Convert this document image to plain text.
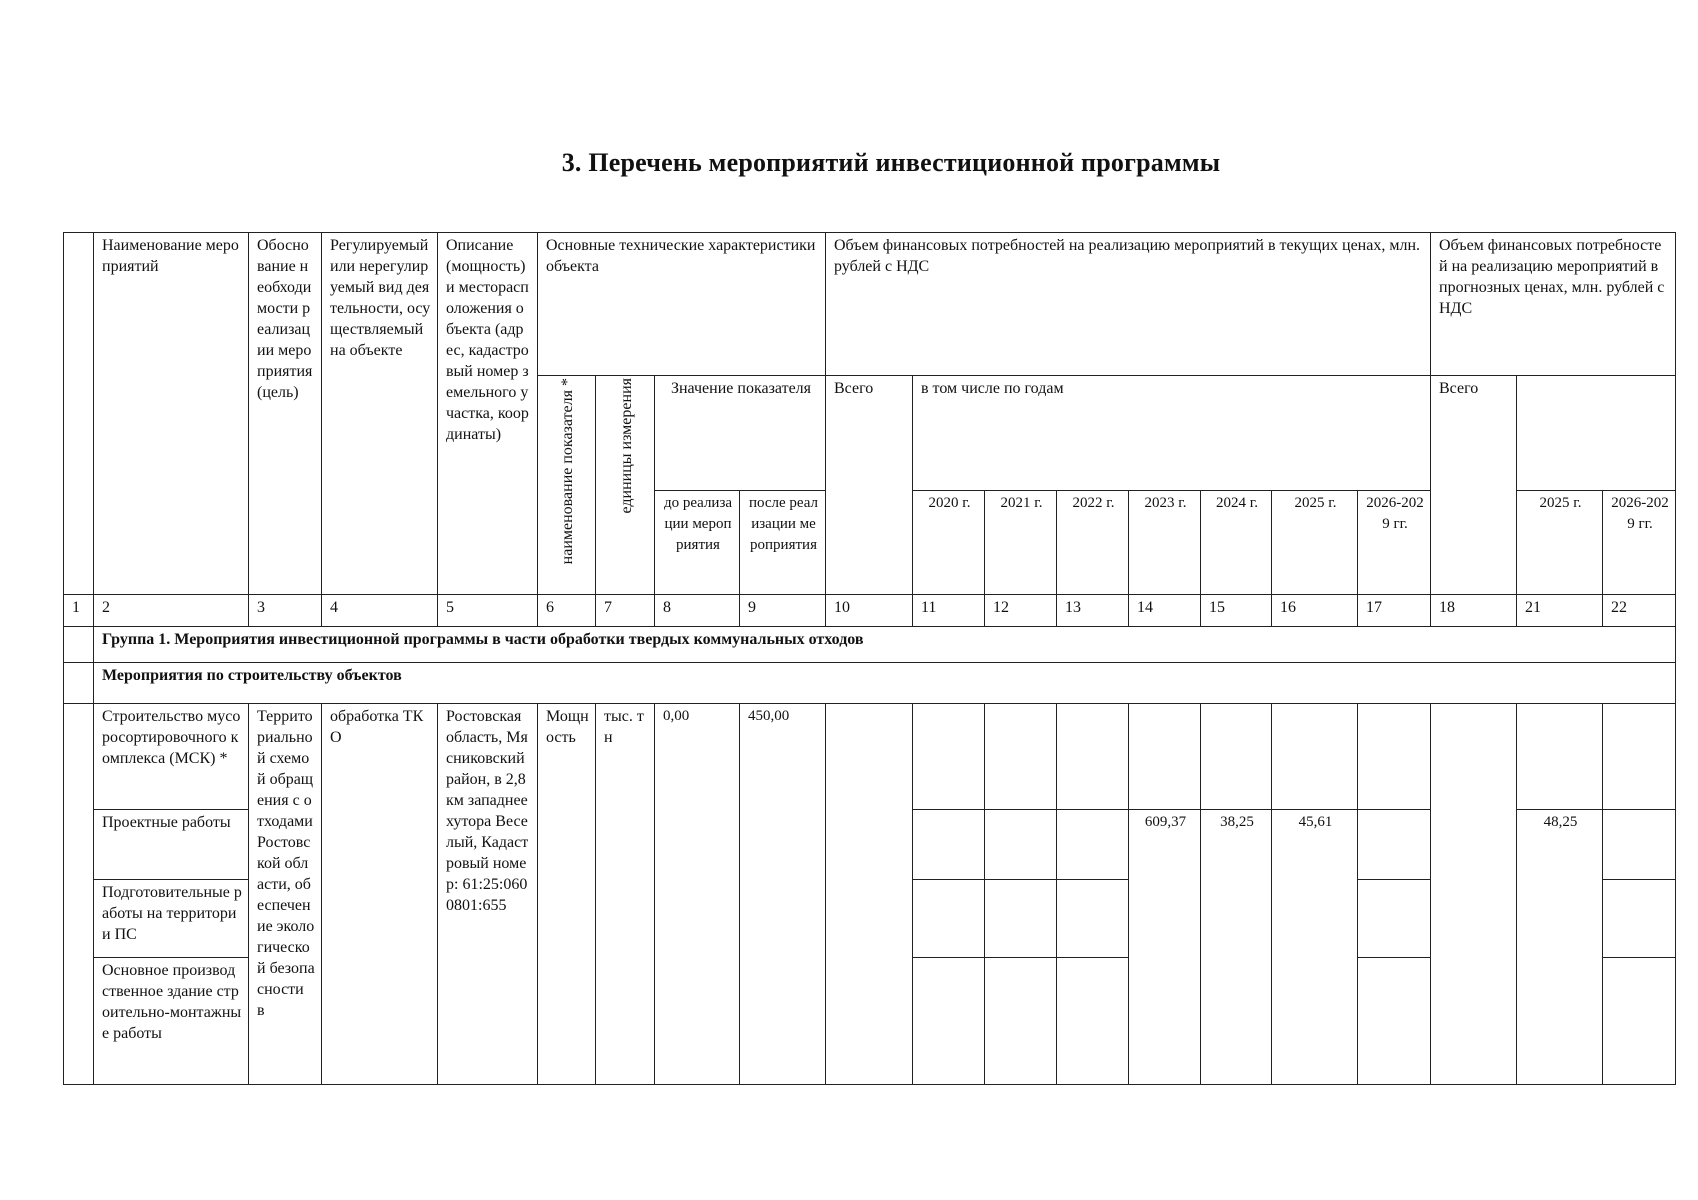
3. Перечень мероприятий инвестиционной программы
	Наименование мероприятий	Обоснование необходимости реализации мероприятия (цель)	Регулируемый или нерегулируемый вид деятельности, осуществляемый на объекте	Описание (мощность) и месторасположения объекта (адрес, кадастровый номер земельного участка, координаты)	Основные технические характеристики объекта				Объем финансовых потребностей на реализацию мероприятий в текущих ценах, млн. рублей с НДС								Объем финансовых потребностей на реализацию мероприятий в прогнозных ценах, млн. рублей с НДС		
					наименование показателя *	единицы измерения	Значение показателя		Всего	в том числе по годам							Всего		
							до реализации мероприятия	после реализации мероприятия		2020 г.	2021 г.	2022 г.	2023 г.	2024 г.	2025 г.	2026-2029 гг.		2025 г.	2026-2029 гг.
1	2	3	4	5	6	7	8	9	10	11	12	13	14	15	16	17	18	21	22
	Группа 1. Мероприятия инвестиционной программы в части обработки твердых коммунальных отходов																		
	Мероприятия по строительству объектов																		
	Строительство мусоросортировочного комплекса (МСК) *	Территориальной схемой обращения с отходами Ростовской области, обеспечение экологической безопасности в	обработка ТКО	Ростовская область, Мясниковский район, в 2,8 км западнее хутора Веселый, Кадастровый номер: 61:25:0600801:655	Мощность	тыс. тн	0,00	450,00											
	Проектные работы												609,37	38,25	45,61			48,25	
	Подготовительные работы на территории ПС																		
	Основное производственное здание строительно-монтажные работы																		
